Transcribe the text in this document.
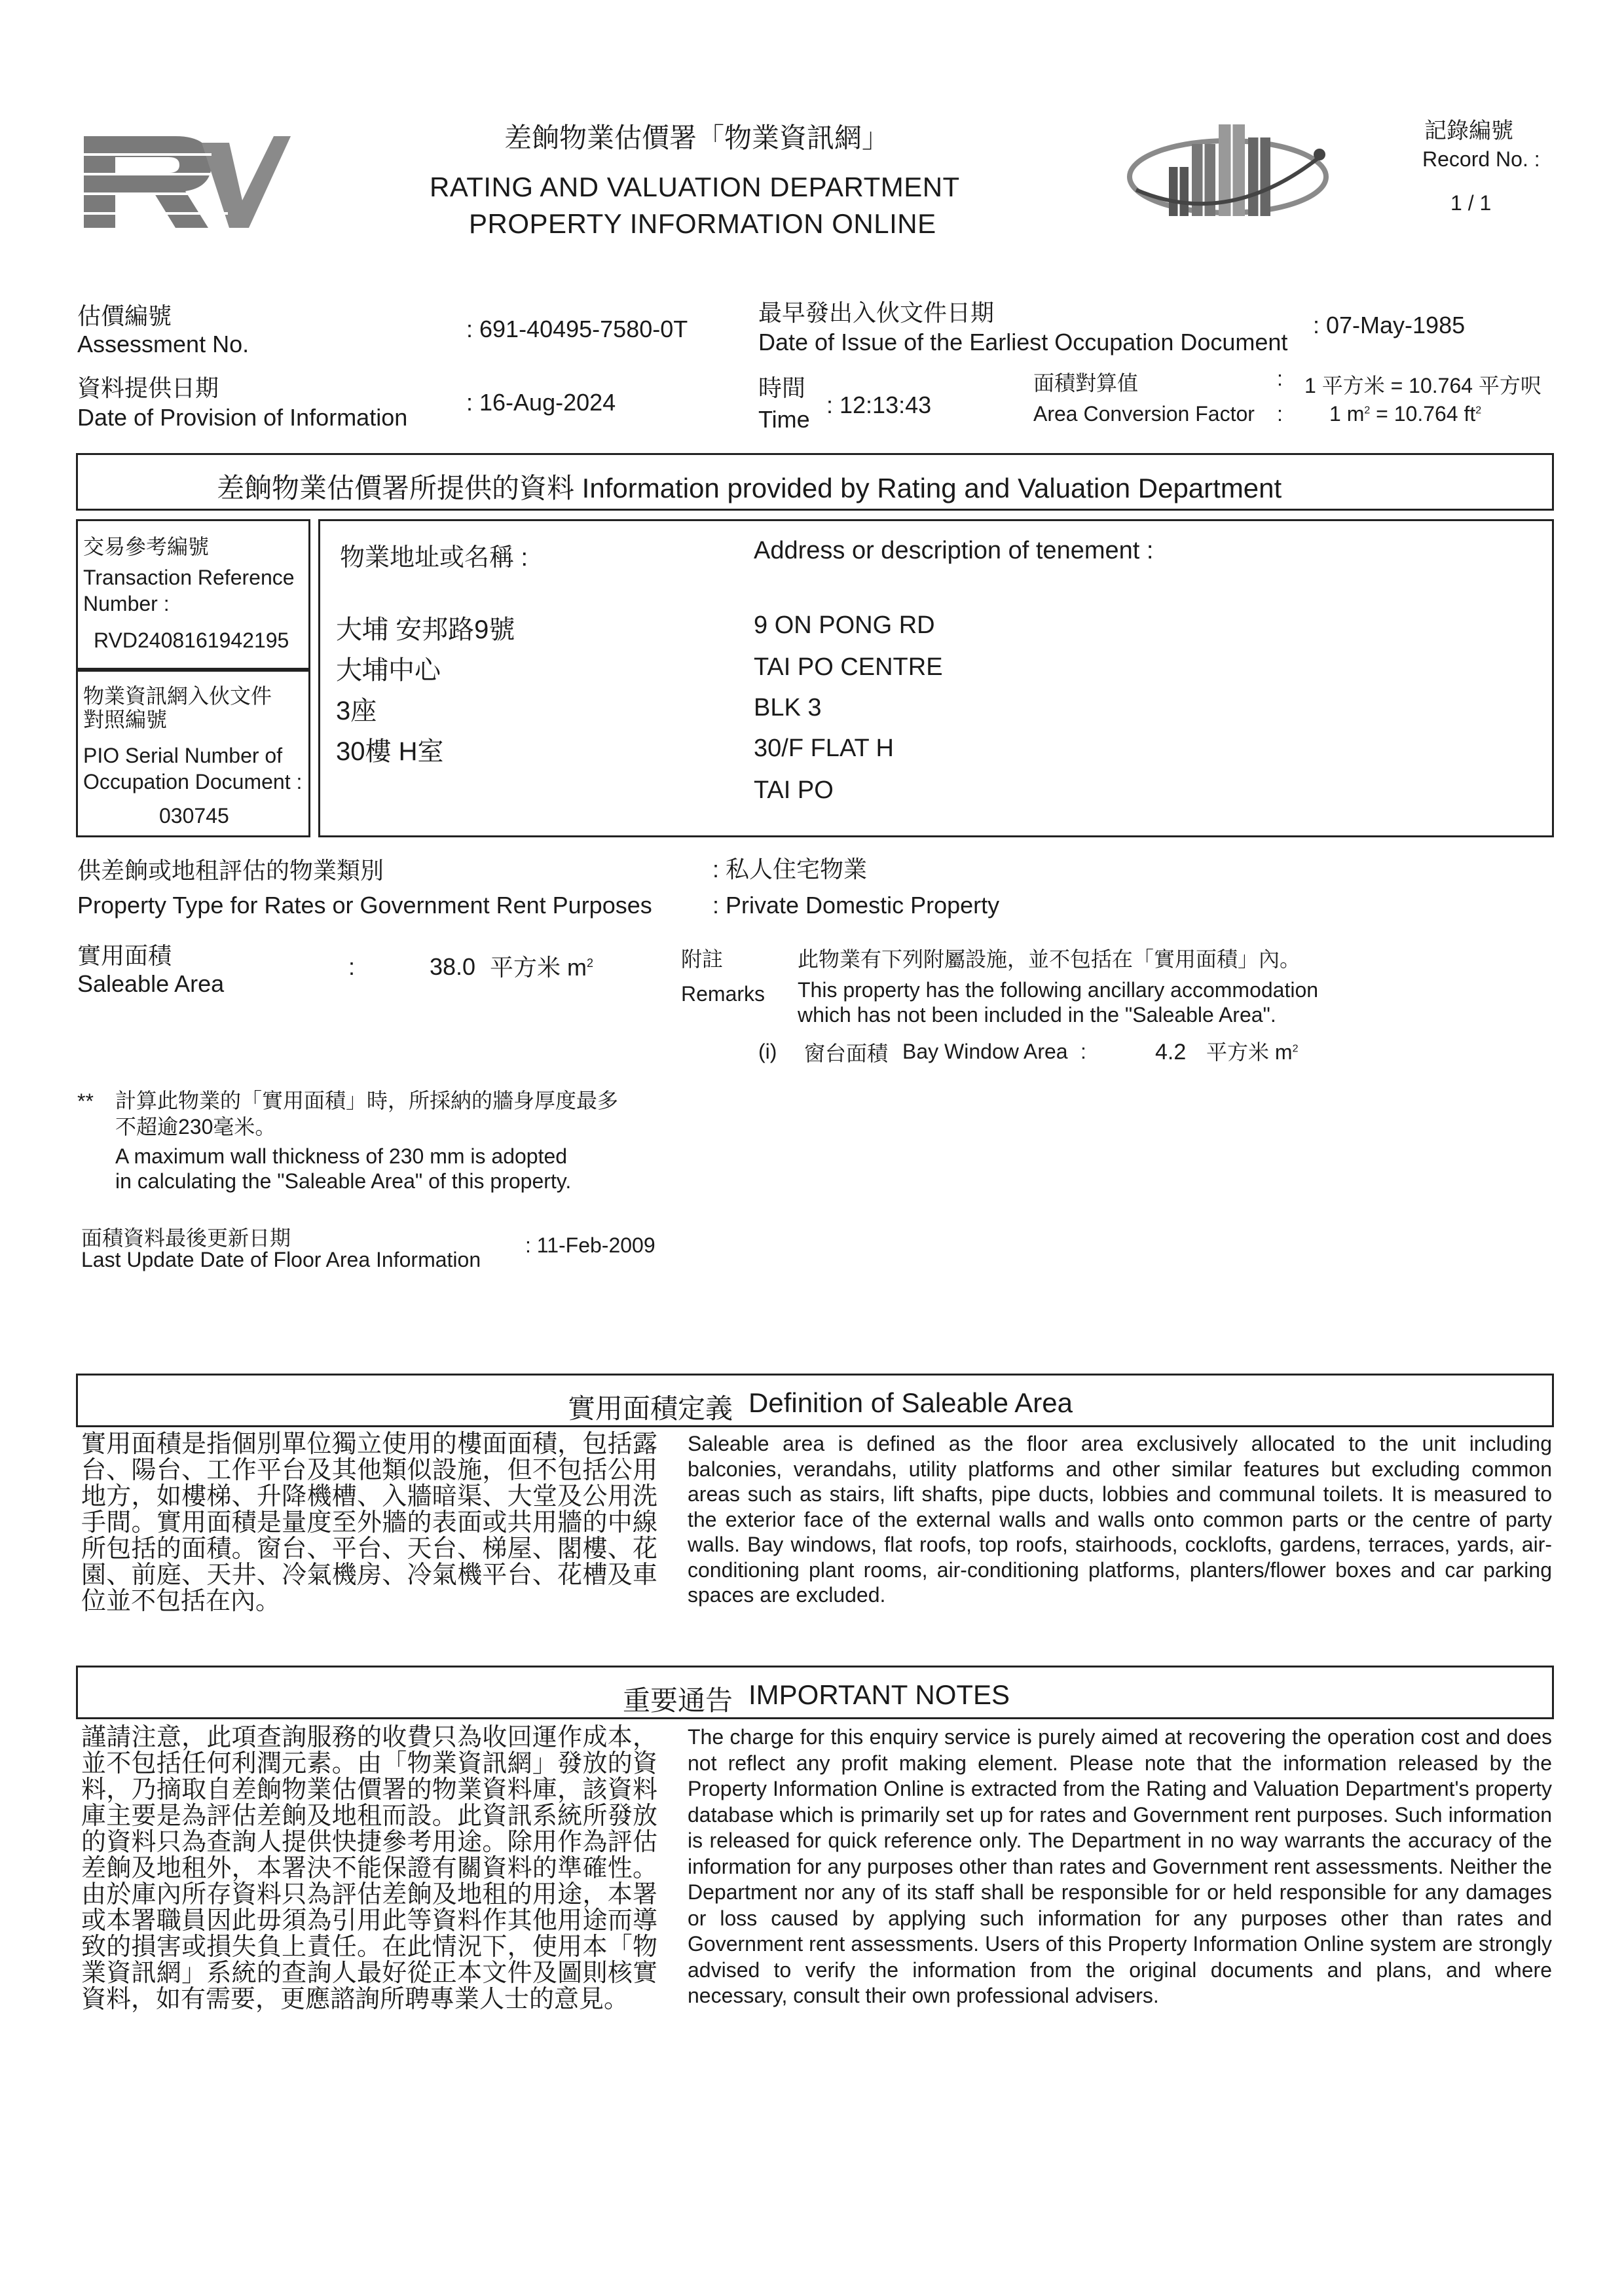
差餉物業估價署「物業資訊網」
RATING AND VALUATION DEPARTMENT
PROPERTY INFORMATION ONLINE
記錄編號
Record No. :
1 / 1
估價編號
Assessment No.
: 691-40495-7580-0T
資料提供日期
Date of Provision of Information
: 16-Aug-2024
最早發出入伙文件日期
Date of Issue of the Earliest Occupation Document
: 07-May-1985
時間
Time
: 12:13:43
面積對算值
Area Conversion Factor
:
:
1 平方米 = 10.764 平方呎
1 $m^2 = 10.764$ $ft^2$
差餉物業估價署所提供的資料 Information provided by Rating and Valuation Department
交易參考編號
Transaction Reference
Number :
RVD2408161942195
物業資訊網入伙文件
對照編號
PIO Serial Number of
Occupation Document :
030745
物業地址或名稱 :	Address or description of tenement :
大埔 安邦路9號
大埔中心
3座
30樓 H室
9 ON PONG RD
TAI PO CENTRE
BLK 3
30/F FLAT H
TAI PO
供差餉或地租評估的物業類別
Property Type for Rates or Government Rent Purposes
: 私人住宅物業
: Private Domestic Property
實用面積
Saleable Area
:	38.0 平方米 $m^2$	附註
Remarks
此物業有下列附屬設施，並不包括在「實用面積」內。
This property has the following ancillary accommodation
which has not been included in the "Saleable Area".
(i) 窗台面積 Bay Window Area :	4.2 平方米 $m^2$
** 計算此物業的「實用面積」時，所採納的牆身厚度最多
不超逾230毫米。
A maximum wall thickness of 230 mm is adopted
in calculating the "Saleable Area" of this property.
面積資料最後更新日期
Last Update Date of Floor Area Information
: 11-Feb-2009
實用面積定義 Definition of Saleable Area
實用面積是指個別單位獨立使用的樓面面積，包括露台、陽台、工作平台及其他類似設施，但不包括公用地方，如樓梯、升降機槽、入牆暗渠、大堂及公用洗手間。實用面積是量度至外牆的表面或共用牆的中線所包括的面積。窗台、平台、天台、梯屋、閣樓、花園、前庭、天井、冷氣機房、冷氣機平台、花槽及車位並不包括在內。
Saleable area is defined as the floor area exclusively allocated to the unit including balconies, verandahs, utility platforms and other similar features but excluding common areas such as stairs, lift shafts, pipe ducts, lobbies and communal toilets. It is measured to the exterior face of the external walls and walls onto common parts or the centre of party walls. Bay windows, flat roofs, top roofs, stairhoods, cocklofts, gardens, terraces, yards, air-conditioning plant rooms, air-conditioning platforms, planters/flower boxes and car parking spaces are excluded.
重要通告 IMPORTANT NOTES
謹請注意，此項查詢服務的收費只為收回運作成本，並不包括任何利潤元素。由「物業資訊網」發放的資料，乃摘取自差餉物業估價署的物業資料庫，該資料庫主要是為評估差餉及地租而設。此資訊系統所發放的資料只為查詢人提供快捷參考用途。除用作為評估差餉及地租外，本署決不能保證有關資料的準確性。由於庫內所存資料只為評估差餉及地租的用途，本署或本署職員因此毋須為引用此等資料作其他用途而導致的損害或損失負上責任。在此情況下，使用本「物業資訊網」系統的查詢人最好從正本文件及圖則核實資料，如有需要，更應諮詢所聘專業人士的意見。
The charge for this enquiry service is purely aimed at recovering the operation cost and does not reflect any profit making element. Please note that the information released by the Property Information Online is extracted from the Rating and Valuation Department's property database which is primarily set up for rates and Government rent purposes. Such information is released for quick reference only. The Department in no way warrants the accuracy of the information for any purposes other than rates and Government rent assessments. Neither the Department nor any of its staff shall be responsible for or held responsible for any damages or loss caused by applying such information for any purposes other than rates and Government rent assessments. Users of this Property Information Online system are strongly advised to verify the information from the original documents and plans, and where necessary, consult their own professional advisers.
